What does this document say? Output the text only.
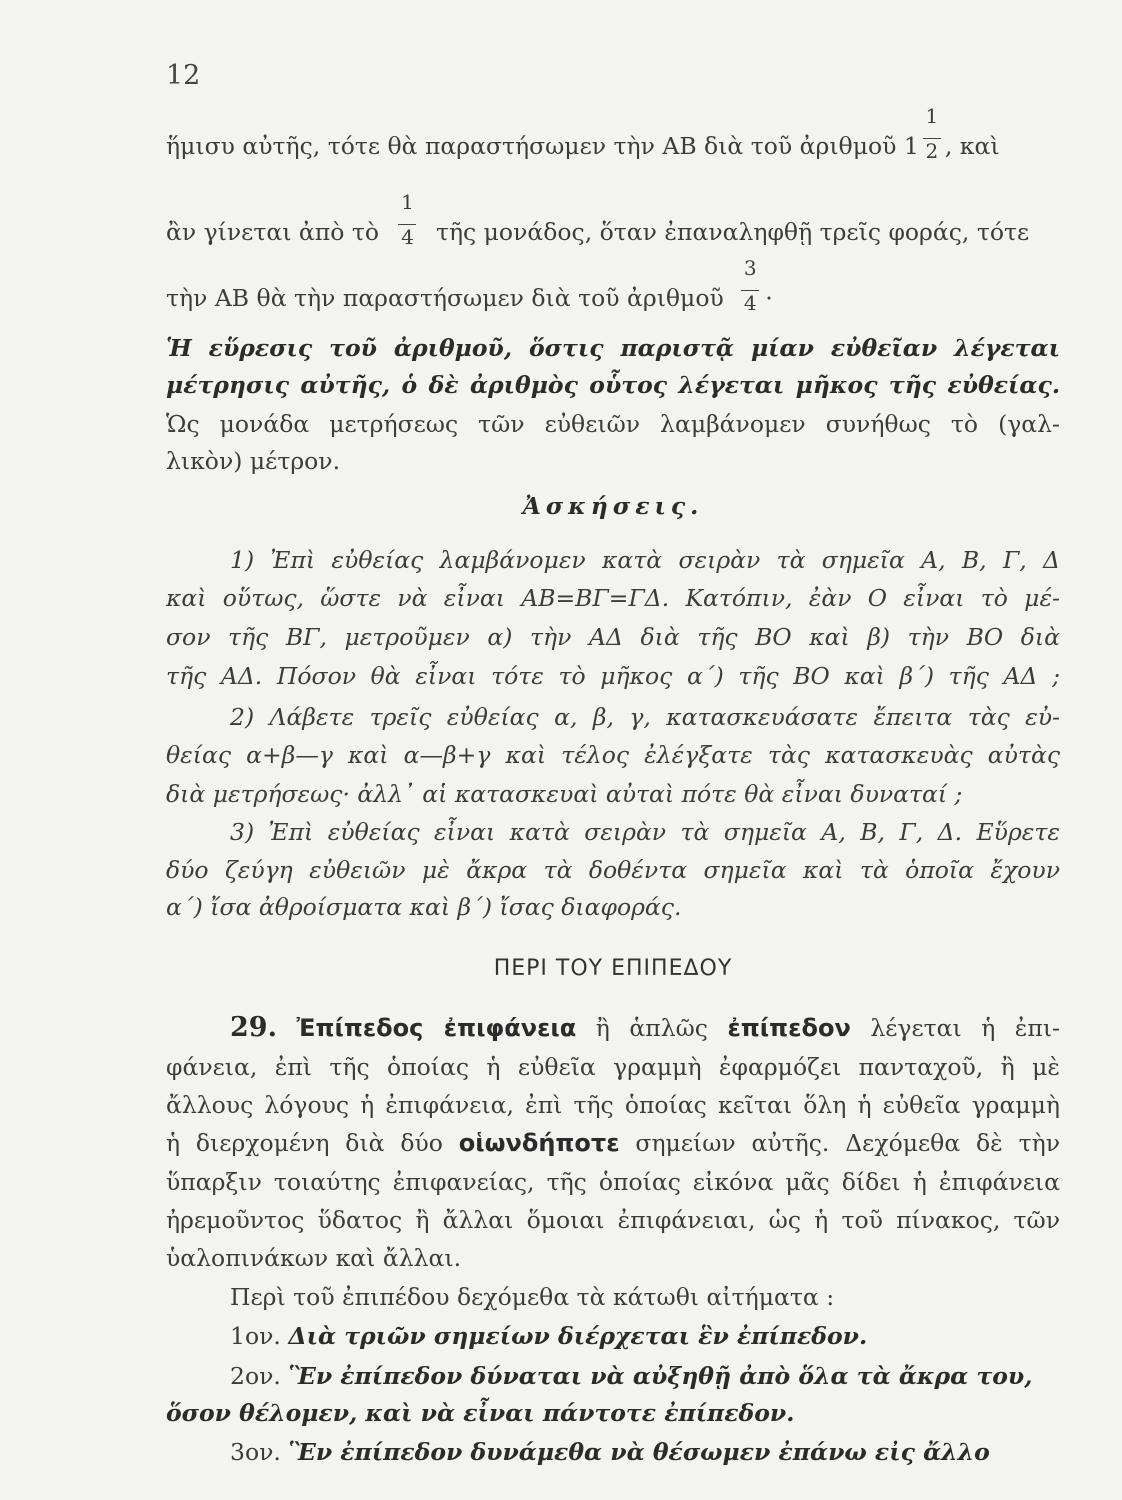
12
ἥμισυ αὐτῆς, τότε θὰ παραστήσωμεν τὴν ΑΒ διὰ τοῦ ἀριθμοῦ $1 \frac{1}{2}$ , καὶ
ἂν γίνεται ἀπὸ τὸ $\frac{1}{4}$ τῆς μονάδος, ὅταν ἐπαναληφθῇ τρεῖς φοράς, τότε
τὴν ΑΒ θὰ τὴν παραστήσωμεν διὰ τοῦ ἀριθμοῦ $\frac{3}{4}$ ·
Ἡ εὕρεσις τοῦ ἀριθμοῦ, ὅστις παριστᾷ μίαν εὐθεῖαν λέγεται
μέτρησις αὐτῆς, ὁ δὲ ἀριθμὸς οὗτος λέγεται μῆκος τῆς εὐθείας.
Ὡς μονάδα μετρήσεως τῶν εὐθειῶν λαμβάνομεν συνήθως τὸ (γαλ-
λικὸν) μέτρον.
Ἀσκήσεις.
1) Ἐπὶ εὐθείας λαμβάνομεν κατὰ σειρὰν τὰ σημεῖα Α, Β, Γ, Δ
καὶ οὕτως, ὥστε νὰ εἶναι ΑΒ=ΒΓ=ΓΔ. Κατόπιν, ἐὰν Ο εἶναι τὸ μέ-
σον τῆς ΒΓ, μετροῦμεν α) τὴν ΑΔ διὰ τῆς ΒΟ καὶ β) τὴν ΒΟ διὰ
τῆς ΑΔ. Πόσον θὰ εἶναι τότε τὸ μῆκος α΄) τῆς ΒΟ καὶ β΄) τῆς ΑΔ ;
2) Λάβετε τρεῖς εὐθείας α, β, γ, κατασκευάσατε ἔπειτα τὰς εὐ-
θείας α+β—γ καὶ α—β+γ καὶ τέλος ἐλέγξατε τὰς κατασκευὰς αὐτὰς
διὰ μετρήσεως· ἀλλ᾽ αἱ κατασκευαὶ αὐταὶ πότε θὰ εἶναι δυναταί ;
3) Ἐπὶ εὐθείας εἶναι κατὰ σειρὰν τὰ σημεῖα Α, Β, Γ, Δ. Εὕρετε
δύο ζεύγη εὐθειῶν μὲ ἄκρα τὰ δοθέντα σημεῖα καὶ τὰ ὁποῖα ἔχουν
α΄) ἴσα ἀθροίσματα καὶ β΄) ἴσας διαφοράς.
ΠΕΡΙ ΤΟΥ ΕΠΙΠΕΔΟΥ
29. Ἐπίπεδος ἐπιφάνεια ἢ ἁπλῶς ἐπίπεδον λέγεται ἡ ἐπι-
φάνεια, ἐπὶ τῆς ὁποίας ἡ εὐθεῖα γραμμὴ ἐφαρμόζει πανταχοῦ, ἢ μὲ
ἄλλους λόγους ἡ ἐπιφάνεια, ἐπὶ τῆς ὁποίας κεῖται ὅλη ἡ εὐθεῖα γραμμὴ
ἡ διερχομένη διὰ δύο οἱωνδήποτε σημείων αὐτῆς. Δεχόμεθα δὲ τὴν
ὕπαρξιν τοιαύτης ἐπιφανείας, τῆς ὁποίας εἰκόνα μᾶς δίδει ἡ ἐπιφάνεια
ἠρεμοῦντος ὕδατος ἢ ἄλλαι ὅμοιαι ἐπιφάνειαι, ὡς ἡ τοῦ πίνακος, τῶν
ὑαλοπινάκων καὶ ἄλλαι.
Περὶ τοῦ ἐπιπέδου δεχόμεθα τὰ κάτωθι αἰτήματα :
1ον. Διὰ τριῶν σημείων διέρχεται ἓν ἐπίπεδον.
2ον. Ἓν ἐπίπεδον δύναται νὰ αὐξηθῇ ἀπὸ ὅλα τὰ ἄκρα του,
ὅσον θέλομεν, καὶ νὰ εἶναι πάντοτε ἐπίπεδον.
3ον. Ἓν ἐπίπεδον δυνάμεθα νὰ θέσωμεν ἐπάνω εἰς ἄλλο
